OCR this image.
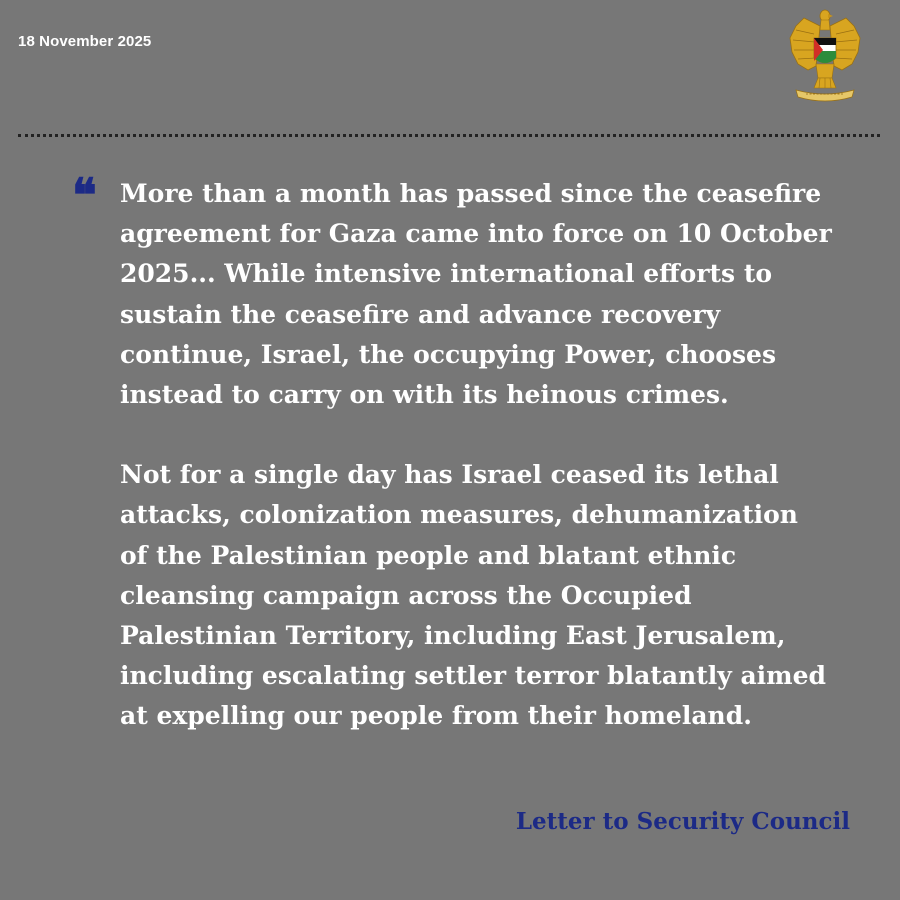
18 November 2025
❝ More than a month has passed since the ceasefire
agreement for Gaza came into force on 10 October
2025... While intensive international efforts to
sustain the ceasefire and advance recovery
continue, Israel, the occupying Power, chooses
instead to carry on with its heinous crimes.

Not for a single day has Israel ceased its lethal
attacks, colonization measures, dehumanization
of the Palestinian people and blatant ethnic
cleansing campaign across the Occupied
Palestinian Territory, including East Jerusalem,
including escalating settler terror blatantly aimed
at expelling our people from their homeland.

Letter to Security Council
